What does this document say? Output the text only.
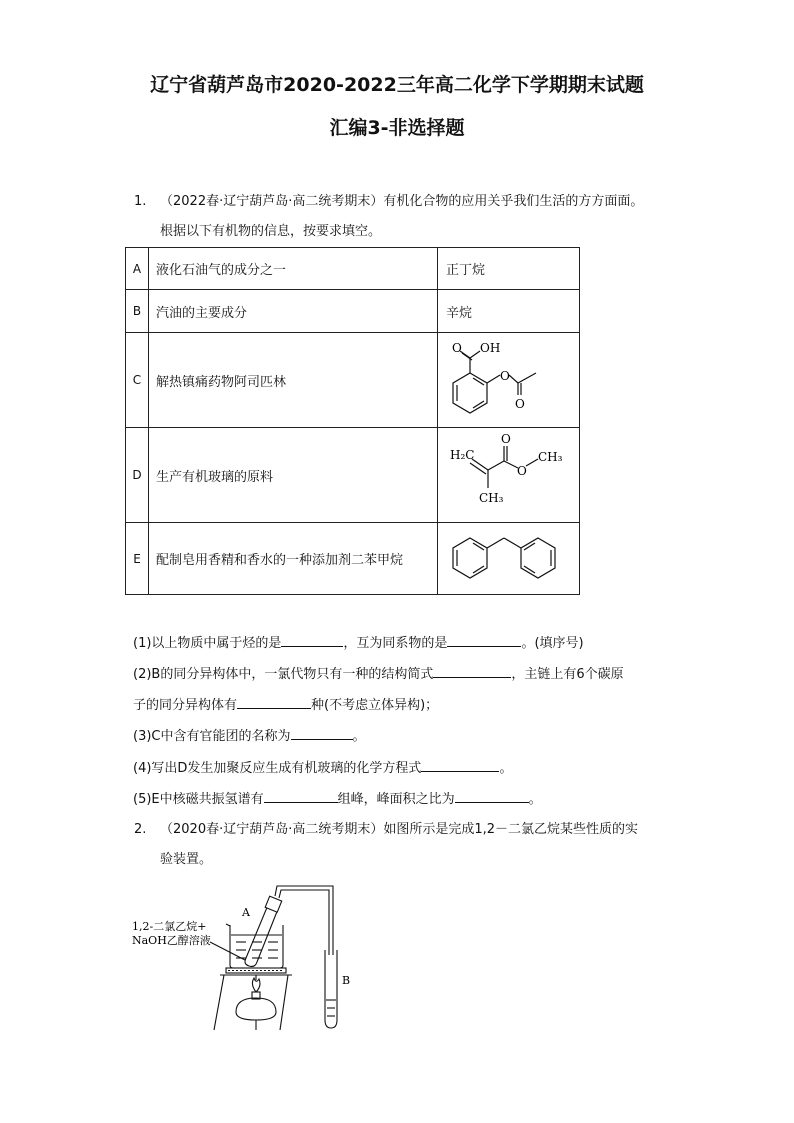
辽宁省葫芦岛市2020-2022三年高二化学下学期期末试题
汇编3-非选择题
1. （2022春·辽宁葫芦岛·高二统考期末）有机化合物的应用关乎我们生活的方方面面。
根据以下有机物的信息，按要求填空。
A	液化石油气的成分之一	正丁烷
B	汽油的主要成分	辛烷
C	解热镇痛药物阿司匹林	O OH
O
O

D	生产有机玻璃的原料	H₂C
O
O
CH₃
CH₃

E	配制皂用香精和香水的一种添加剂二苯甲烷	
(1)以上物质中属于烃的是	，互为同系物的是	。(填序号)
(2)B的同分异构体中，一氯代物只有一种的结构简式	，主链上有6个碳原
子的同分异构体有	种(不考虑立体异构)；
(3)C中含有官能团的名称为	。
(4)写出D发生加聚反应生成有机玻璃的化学方程式	。
(5)E中核磁共振氢谱有	组峰，峰面积之比为	。
2. （2020春·辽宁葫芦岛·高二统考期末）如图所示是完成1,2－二氯乙烷某些性质的实
验装置。
A
B
1,2-二氯乙烷+
NaOH乙醇溶液
